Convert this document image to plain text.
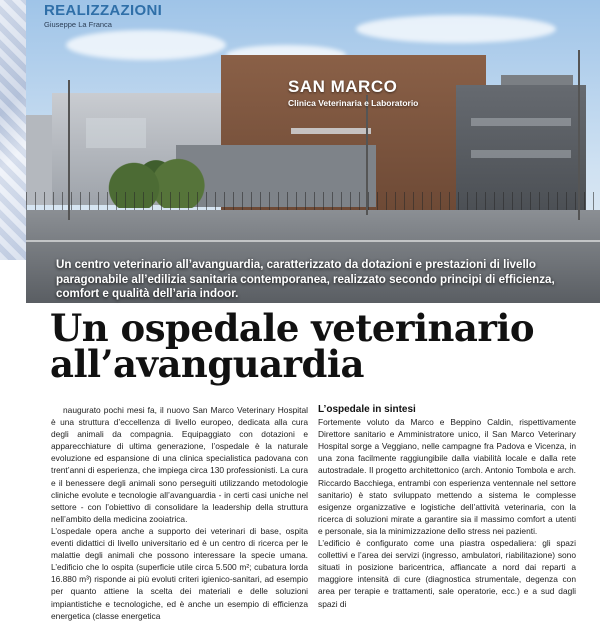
SAN MARCO
Clinica Veterinaria e Laboratorio
REALIZZAZIONI
Giuseppe La Franca
Un centro veterinario all’avanguardia, caratterizzato da dotazioni e prestazioni di livello paragonabile all’edilizia sanitaria contemporanea, realizzato secondo principi di efficienza, comfort e qualità dell’aria indoor.
Un ospedale veterinario
all’avanguardia

naugurato pochi mesi fa, il nuovo San Marco Veterinary Hospital è una struttura d’eccellenza di livello europeo, dedicata alla cura degli animali da compagnia. Equipaggiato con dotazioni e apparecchiature di ultima generazione, l’ospedale è la naturale evoluzione ed espansione di una clinica specialistica padovana con trent’anni di esperienza, che impiega circa 130 professionisti. La cura e il benessere degli animali sono perseguiti utilizzando metodologie cliniche evolute e tecnologie all’avanguardia - in certi casi uniche nel settore - con l’obiettivo di consolidare la leadership della struttura nell’ambito della medicina zooiatrica.

L’ospedale opera anche a supporto dei veterinari di base, ospita eventi didattici di livello universitario ed è un centro di ricerca per le malattie degli animali che possono interessare la specie umana. L’edificio che lo ospita (superficie utile circa 5.500 m²; cubatura lorda 16.880 m³) risponde ai più evoluti criteri igienico-sanitari, ad esempio per quanto attiene la scelta dei materiali e delle soluzioni impiantistiche e tecnologiche, ed è anche un esempio di efficienza energetica (classe energetica

L’ospedale in sintesi

Fortemente voluto da Marco e Beppino Caldin, rispettivamente Direttore sanitario e Amministratore unico, il San Marco Veterinary Hospital sorge a Veggiano, nelle campagne fra Padova e Vicenza, in una zona facilmente raggiungibile dalla viabilità locale e dalla rete autostradale. Il progetto architettonico (arch. Antonio Tombola e arch. Riccardo Bacchiega, entrambi con esperienza ventennale nel settore sanitario) è stato sviluppato mettendo a sistema le complesse esigenze organizzative e logistiche dell’attività veterinaria, con la ricerca di soluzioni mirate a garantire sia il massimo comfort a utenti e personale, sia la minimizzazione dello stress nei pazienti.

L’edificio è configurato come una piastra ospedaliera: gli spazi collettivi e l’area dei servizi (ingresso, ambulatori, riabilitazione) sono situati in posizione baricentrica, affiancate a nord dai reparti a maggiore intensità di cure (diagnostica strumentale, degenza con area per terapie e trattamenti, sale operatorie, ecc.) e a sud dagli spazi di
